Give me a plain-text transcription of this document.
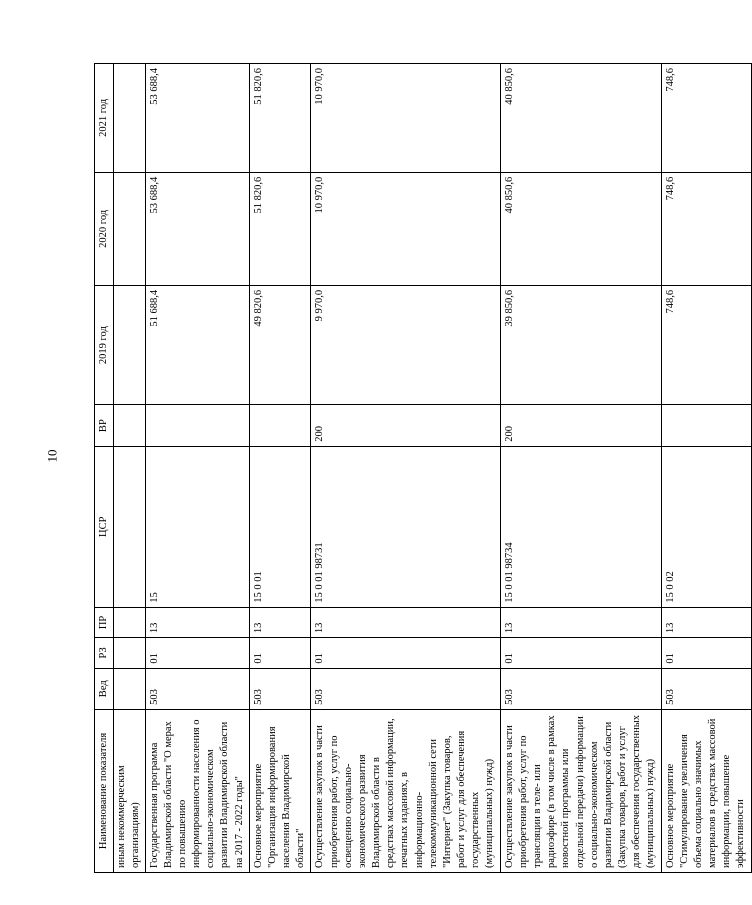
10
Наименование показателя	Вед	РЗ	ПР	ЦСР	ВР	2019 год	2020 год	2021 год
иным некоммерческим организациям)								
Государственная программа Владимирской области "О мерах по повышению информированности населения о социально-экономическом развитии Владимирской области на 2017 - 2022 годы"	503	01	13	15		51 688,4	53 688,4	53 688,4
Основное мероприятие "Организация информирования населения Владимирской области"	503	01	13	15 0 01		49 820,6	51 820,6	51 820,6
Осуществление закупок в части приобретения работ, услуг по освещению социально-экономического развития Владимирской области в средствах массовой информации, печатных изданиях, в информационно-телекоммуникационной сети "Интернет" (Закупка товаров, работ и услуг для обеспечения государственных (муниципальных) нужд)	503	01	13	15 0 01 98731	200	9 970,0	10 970,0	10 970,0
Осуществление закупок в части приобретения работ, услуг по трансляции в теле- или радиоэфире (в том числе в рамках новостной программы или отдельной передачи) информации о социально-экономическом развитии Владимирской области (Закупка товаров, работ и услуг для обеспечения государственных (муниципальных) нужд)	503	01	13	15 0 01 98734	200	39 850,6	40 850,6	40 850,6
Основное мероприятие "Стимулирование увеличения объема социально значимых материалов в средствах массовой информации, повышение эффективности	503	01	13	15 0 02		748,6	748,6	748,6
